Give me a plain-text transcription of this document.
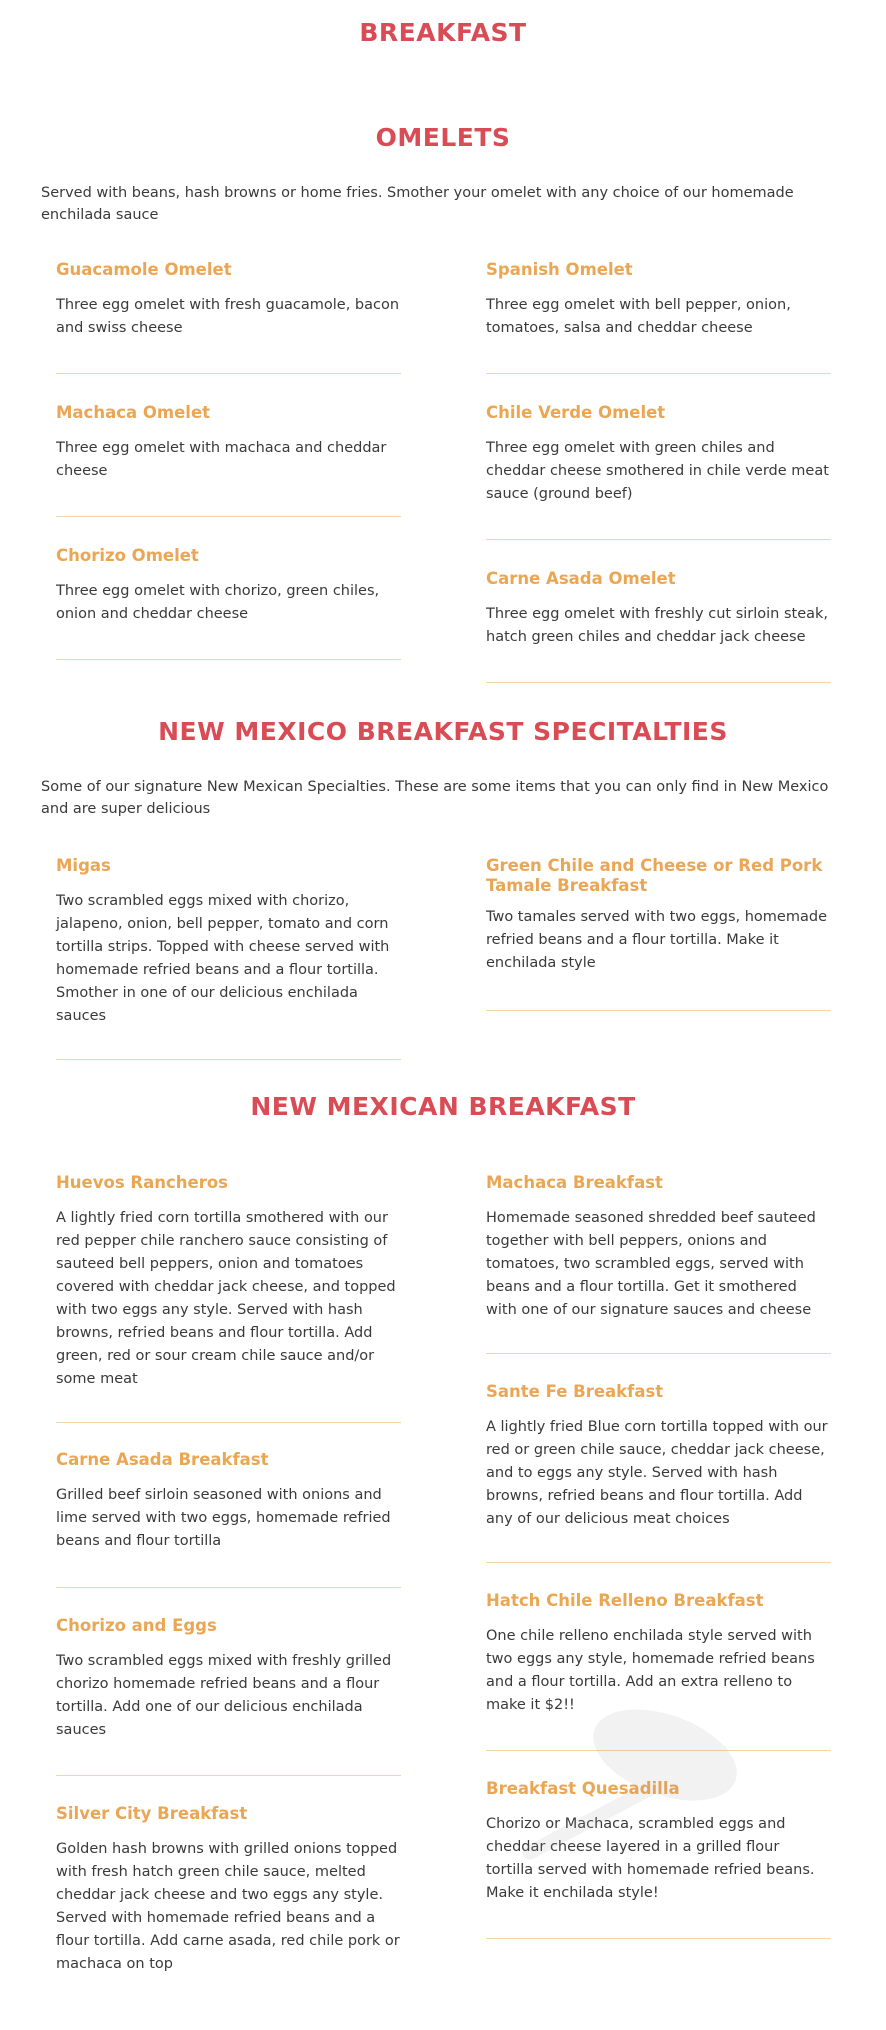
BREAKFAST
OMELETS

Served with beans, hash browns or home fries. Smother your omelet with any choice of our homemade enchilada sauce

Guacamole Omelet

Three egg omelet with fresh guacamole, bacon and swiss cheese

Machaca Omelet

Three egg omelet with machaca and cheddar cheese

Chorizo Omelet

Three egg omelet with chorizo, green chiles, onion and cheddar cheese

Spanish Omelet

Three egg omelet with bell pepper, onion, tomatoes, salsa and cheddar cheese

Chile Verde Omelet

Three egg omelet with green chiles and cheddar cheese smothered in chile verde meat sauce (ground beef)

Carne Asada Omelet

Three egg omelet with freshly cut sirloin steak, hatch green chiles and cheddar jack cheese

NEW MEXICO BREAKFAST SPECITALTIES

Some of our signature New Mexican Specialties. These are some items that you can only find in New Mexico and are super delicious

Migas

Two scrambled eggs mixed with chorizo, jalapeno, onion, bell pepper, tomato and corn tortilla strips. Topped with cheese served with homemade refried beans and a flour tortilla. Smother in one of our delicious enchilada sauces

Green Chile and Cheese or Red Pork Tamale Breakfast

Two tamales served with two eggs, homemade refried beans and a flour tortilla. Make it enchilada style

NEW MEXICAN BREAKFAST
Huevos Rancheros

A lightly fried corn tortilla smothered with our red pepper chile ranchero sauce consisting of sauteed bell peppers, onion and tomatoes covered with cheddar jack cheese, and topped with two eggs any style. Served with hash browns, refried beans and flour tortilla. Add green, red or sour cream chile sauce and/or some meat

Carne Asada Breakfast

Grilled beef sirloin seasoned with onions and lime served with two eggs, homemade refried beans and flour tortilla

Chorizo and Eggs

Two scrambled eggs mixed with freshly grilled chorizo homemade refried beans and a flour tortilla. Add one of our delicious enchilada sauces

Silver City Breakfast

Golden hash browns with grilled onions topped with fresh hatch green chile sauce, melted cheddar jack cheese and two eggs any style. Served with homemade refried beans and a flour tortilla. Add carne asada, red chile pork or machaca on top

Machaca Breakfast

Homemade seasoned shredded beef sauteed together with bell peppers, onions and tomatoes, two scrambled eggs, served with beans and a flour tortilla. Get it smothered with one of our signature sauces and cheese

Sante Fe Breakfast

A lightly fried Blue corn tortilla topped with our red or green chile sauce, cheddar jack cheese, and to eggs any style. Served with hash browns, refried beans and flour tortilla. Add any of our delicious meat choices

Hatch Chile Relleno Breakfast

One chile relleno enchilada style served with two eggs any style, homemade refried beans and a flour tortilla. Add an extra relleno to make it $2!!

Breakfast Quesadilla

Chorizo or Machaca, scrambled eggs and cheddar cheese layered in a grilled flour tortilla served with homemade refried beans. Make it enchilada style!
